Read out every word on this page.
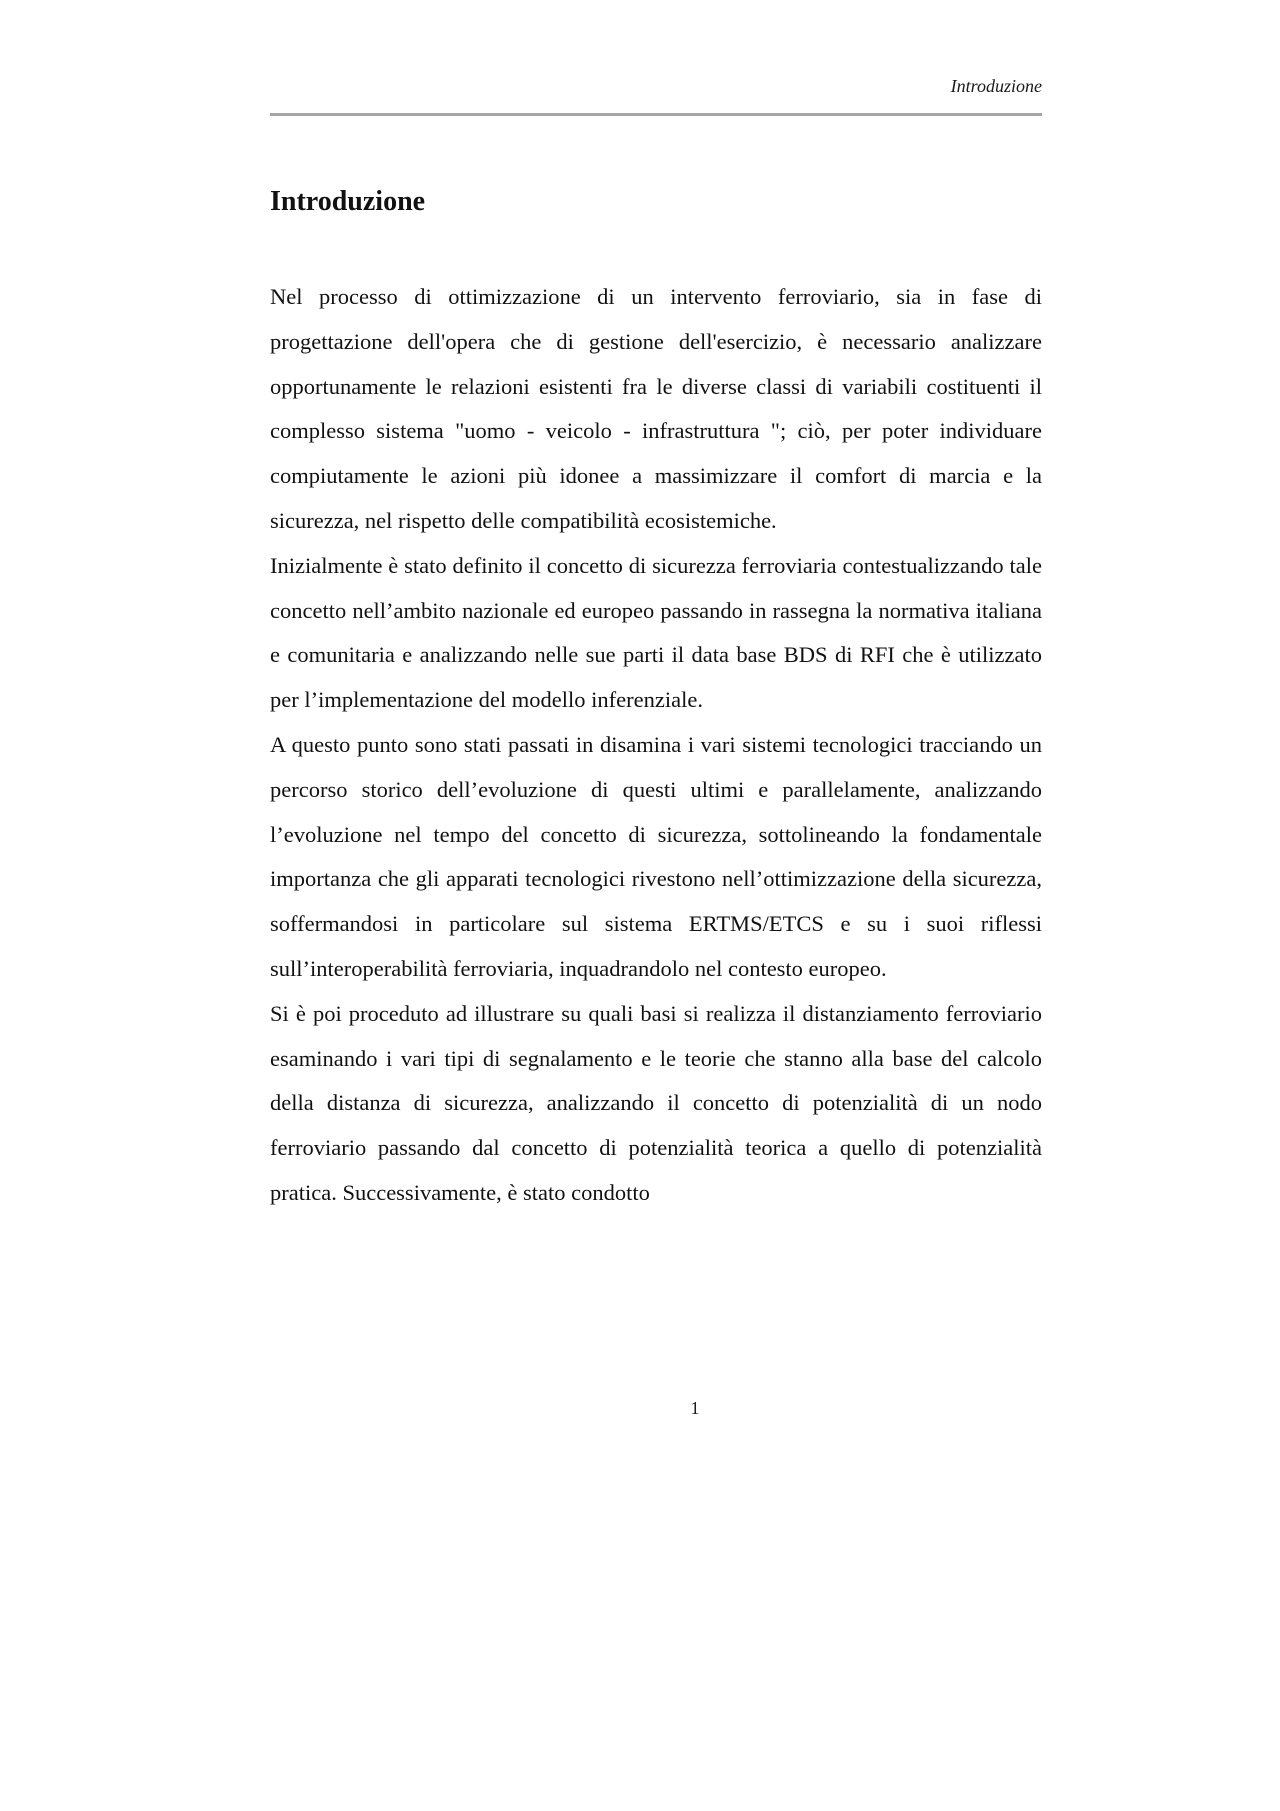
Introduzione
Introduzione

Nel processo di ottimizzazione di un intervento ferroviario, sia in fase di progettazione dell'opera che di gestione dell'esercizio, è necessario analizzare opportunamente le relazioni esistenti fra le diverse classi di variabili costituenti il complesso sistema "uomo - veicolo - infrastruttura "; ciò, per poter individuare compiutamente le azioni più idonee a massimizzare il comfort di marcia e la sicurezza, nel rispetto delle compatibilità ecosistemiche.

Inizialmente è stato definito il concetto di sicurezza ferroviaria contestualizzando tale concetto nell’ambito nazionale ed europeo passando in rassegna la normativa italiana e comunitaria e analizzando nelle sue parti il data base BDS di RFI che è utilizzato per l’implementazione del modello inferenziale.

A questo punto sono stati passati in disamina i vari sistemi tecnologici tracciando un percorso storico dell’evoluzione di questi ultimi e parallelamente, analizzando l’evoluzione nel tempo del concetto di sicurezza, sottolineando la fondamentale importanza che gli apparati tecnologici rivestono nell’ottimizzazione della sicurezza, soffermandosi in particolare sul sistema ERTMS/ETCS e su i suoi riflessi sull’interoperabilità ferroviaria, inquadrandolo nel contesto europeo.

Si è poi proceduto ad illustrare su quali basi si realizza il distanziamento ferroviario esaminando i vari tipi di segnalamento e le teorie che stanno alla base del calcolo della distanza di sicurezza, analizzando il concetto di potenzialità di un nodo ferroviario passando dal concetto di potenzialità teorica a quello di potenzialità pratica. Successivamente, è stato condotto

1
